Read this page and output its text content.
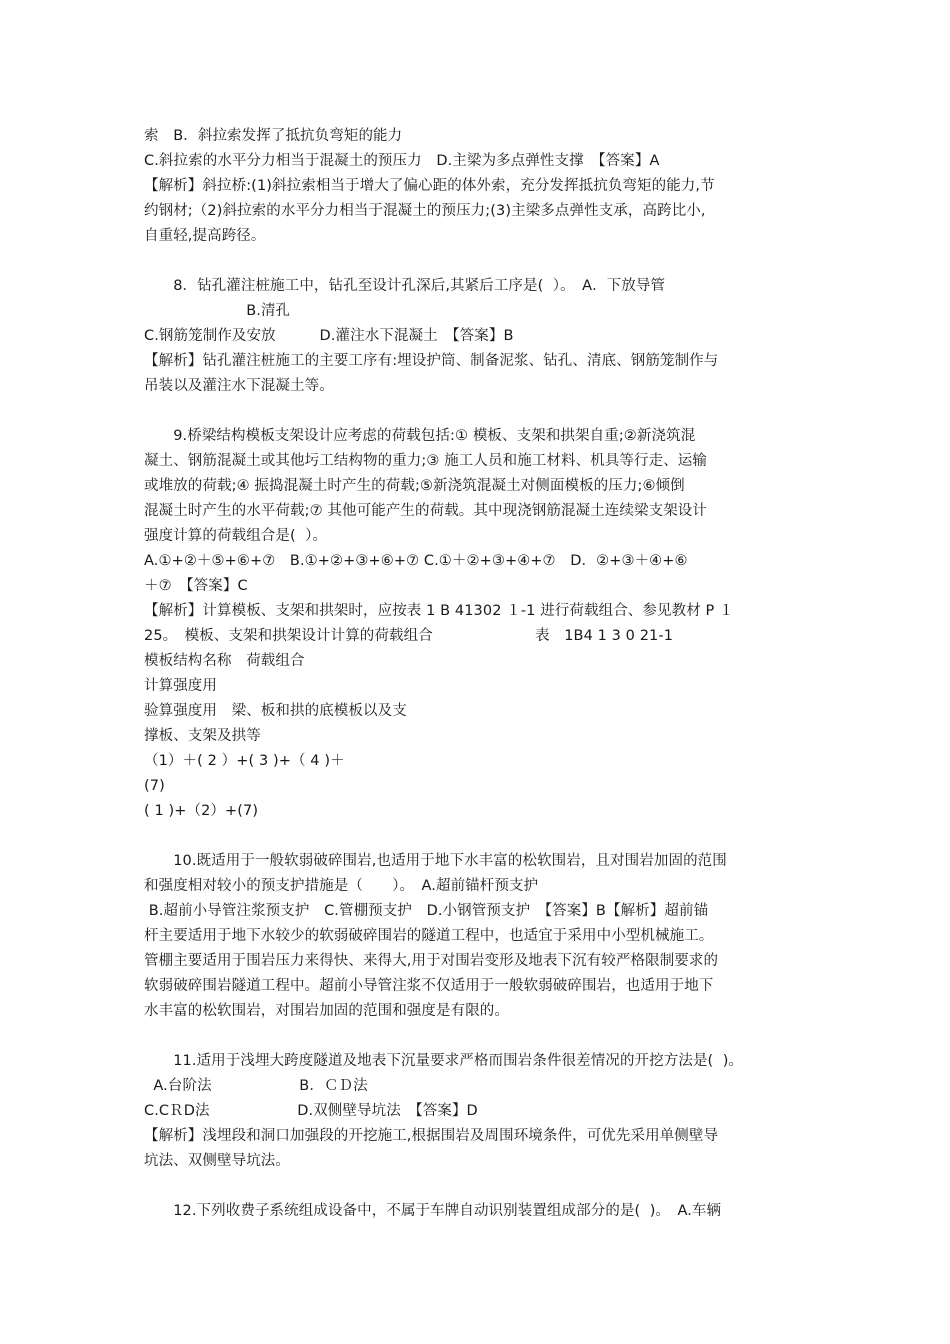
索　B．斜拉索发挥了抵抗负弯矩的能力
C.斜拉索的水平分力相当于混凝土的预压力　D.主梁为多点弹性支撑　【答案】A
【解析】斜拉桥:(1)斜拉索相当于增大了偏心距的体外索，充分发挥抵抗负弯矩的能力,节
约钢材;（2)斜拉索的水平分力相当于混凝土的预压力;(3)主梁多点弹性支承，高跨比小,
自重轻,提高跨径。
　　8．钻孔灌注桩施工中，钻孔至设计孔深后,其紧后工序是(  ）。　A．下放导管
　　　　　　　B.清孔
C.钢筋笼制作及安放　　　D.灌注水下混凝土　【答案】B
【解析】钻孔灌注桩施工的主要工序有:埋设护筒、制备泥浆、钻孔、清底、钢筋笼制作与
吊装以及灌注水下混凝土等。
　　9.桥梁结构模板支架设计应考虑的荷载包括:① 模板、支架和拱架自重;②新浇筑混
凝土、钢筋混凝土或其他圬工结构物的重力;③ 施工人员和施工材料、机具等行走、运输
或堆放的荷载;④ 振捣混凝土时产生的荷载;⑤新浇筑混凝土对侧面模板的压力;⑥倾倒
混凝土时产生的水平荷载;⑦ 其他可能产生的荷载。其中现浇钢筋混凝土连续梁支架设计
强度计算的荷载组合是(  ）。
A.①+②＋⑤+⑥+⑦　B.①+②+③+⑥+⑦ C.①＋②+③+④+⑦　D．②+③＋④+⑥
＋⑦　【答案】C
【解析】计算模板、支架和拱架时，应按表 1 B 41302 １-1 进行荷载组合、参见教材 P １
25。　模板、支架和拱架设计计算的荷载组合　　　　　　　表　1B4 1 3 0 21-1
模板结构名称　荷载组合
计算强度用
验算强度用　梁、板和拱的底模板以及支
撑板、支架及拱等
（1）＋( 2 ）+( 3 )+（ 4 )＋
(7)
( 1 )+（2）+(7)
　　10.既适用于一般软弱破碎围岩,也适用于地下水丰富的松软围岩，且对围岩加固的范围
和强度相对较小的预支护措施是（　　）。　A.超前锚杆预支护
B.超前小导管注浆预支护　C.管棚预支护　D.小钢管预支护　【答案】B【解析】超前锚
杆主要适用于地下水较少的软弱破碎围岩的隧道工程中，也适宜于采用中小型机械施工。
管棚主要适用于围岩压力来得快、来得大,用于对围岩变形及地表下沉有较严格限制要求的
软弱破碎围岩隧道工程中。超前小导管注浆不仅适用于一般软弱破碎围岩，也适用于地下
水丰富的松软围岩，对围岩加固的范围和强度是有限的。
　　11.适用于浅埋大跨度隧道及地表下沉量要求严格而围岩条件很差情况的开挖方法是(  )。
A.台阶法　　　　　　B．ＣＤ法
C.CＲD法　　　　　　D.双侧壁导坑法　【答案】D
【解析】浅埋段和洞口加强段的开挖施工,根据围岩及周围环境条件，可优先采用单侧壁导
坑法、双侧壁导坑法。
　　12.下列收费子系统组成设备中，不属于车牌自动识别装置组成部分的是(  )。　A.车辆
